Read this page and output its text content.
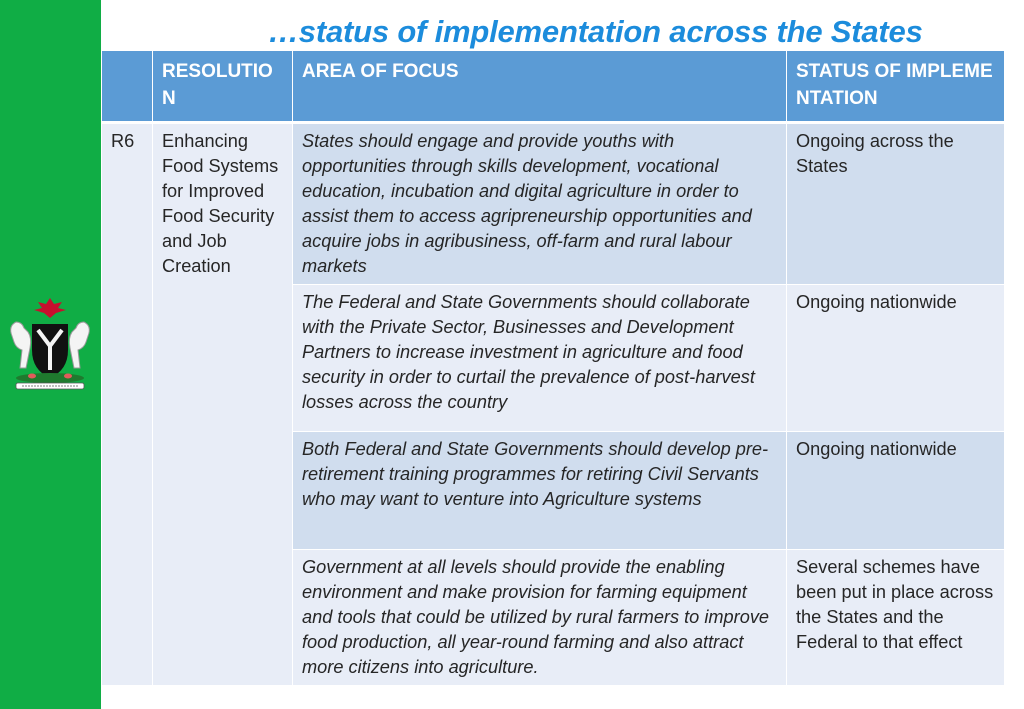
…status of implementation across the States
	RESOLUTION	AREA OF FOCUS	STATUS OF IMPLEMENTATION
R6	Enhancing Food Systems for Improved Food Security and Job Creation	States should engage and provide youths with opportunities through skills development, vocational education, incubation and digital agriculture in order to assist them to access agripreneurship opportunities and acquire jobs in agribusiness, off-farm and rural labour markets	Ongoing across the States
		The Federal and State Governments should collaborate with the Private Sector, Businesses and Development Partners to increase investment in agriculture and food security in order to curtail the prevalence of post-harvest losses across the country	Ongoing nationwide
		Both Federal and State Governments should develop pre-retirement training programmes for retiring Civil Servants who may want to venture into Agriculture systems	Ongoing nationwide
		Government at all levels should provide the enabling environment and make provision for farming equipment and tools that could be utilized by rural farmers to improve food production, all year-round farming and also attract more citizens into agriculture.	Several schemes have been put in place across the States and the Federal to that effect
